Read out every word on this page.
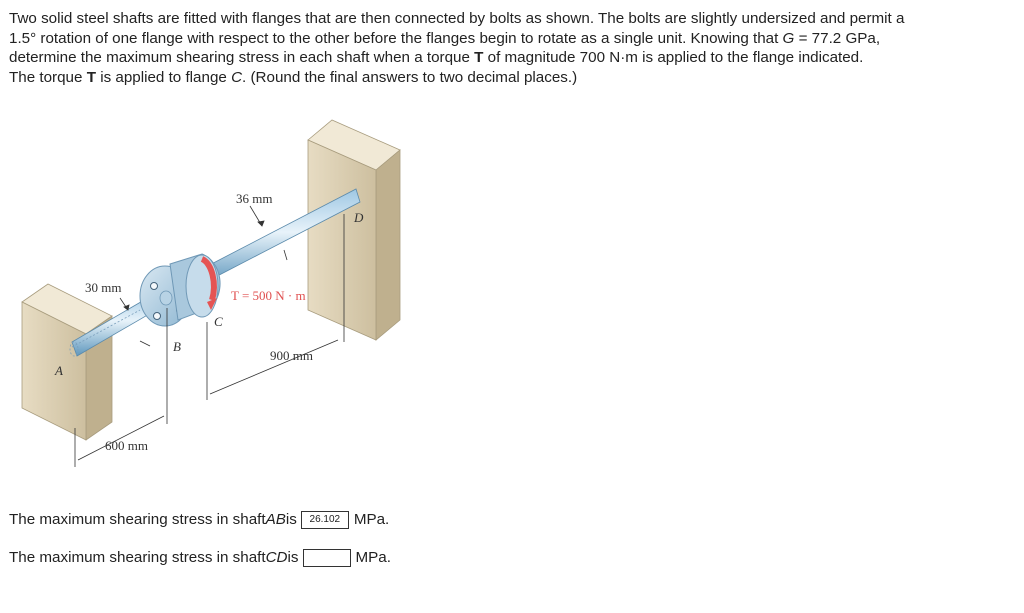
Two solid steel shafts are fitted with flanges that are then connected by bolts as shown. The bolts are slightly undersized and permit a
1.5° rotation of one flange with respect to the other before the flanges begin to rotate as a single unit. Knowing that G = 77.2 GPa,
determine the maximum shearing stress in each shaft when a torque T of magnitude 700 N·m is applied to the flange indicated.
The torque T is applied to flange C. (Round the final answers to two decimal places.)

36 mm
30 mm
T = 500 N · m
900 mm
600 mm
A
B
C
D
The maximum shearing stress in shaft AB is	26.102 MPa.
The maximum shearing stress in shaft CD is	MPa.
